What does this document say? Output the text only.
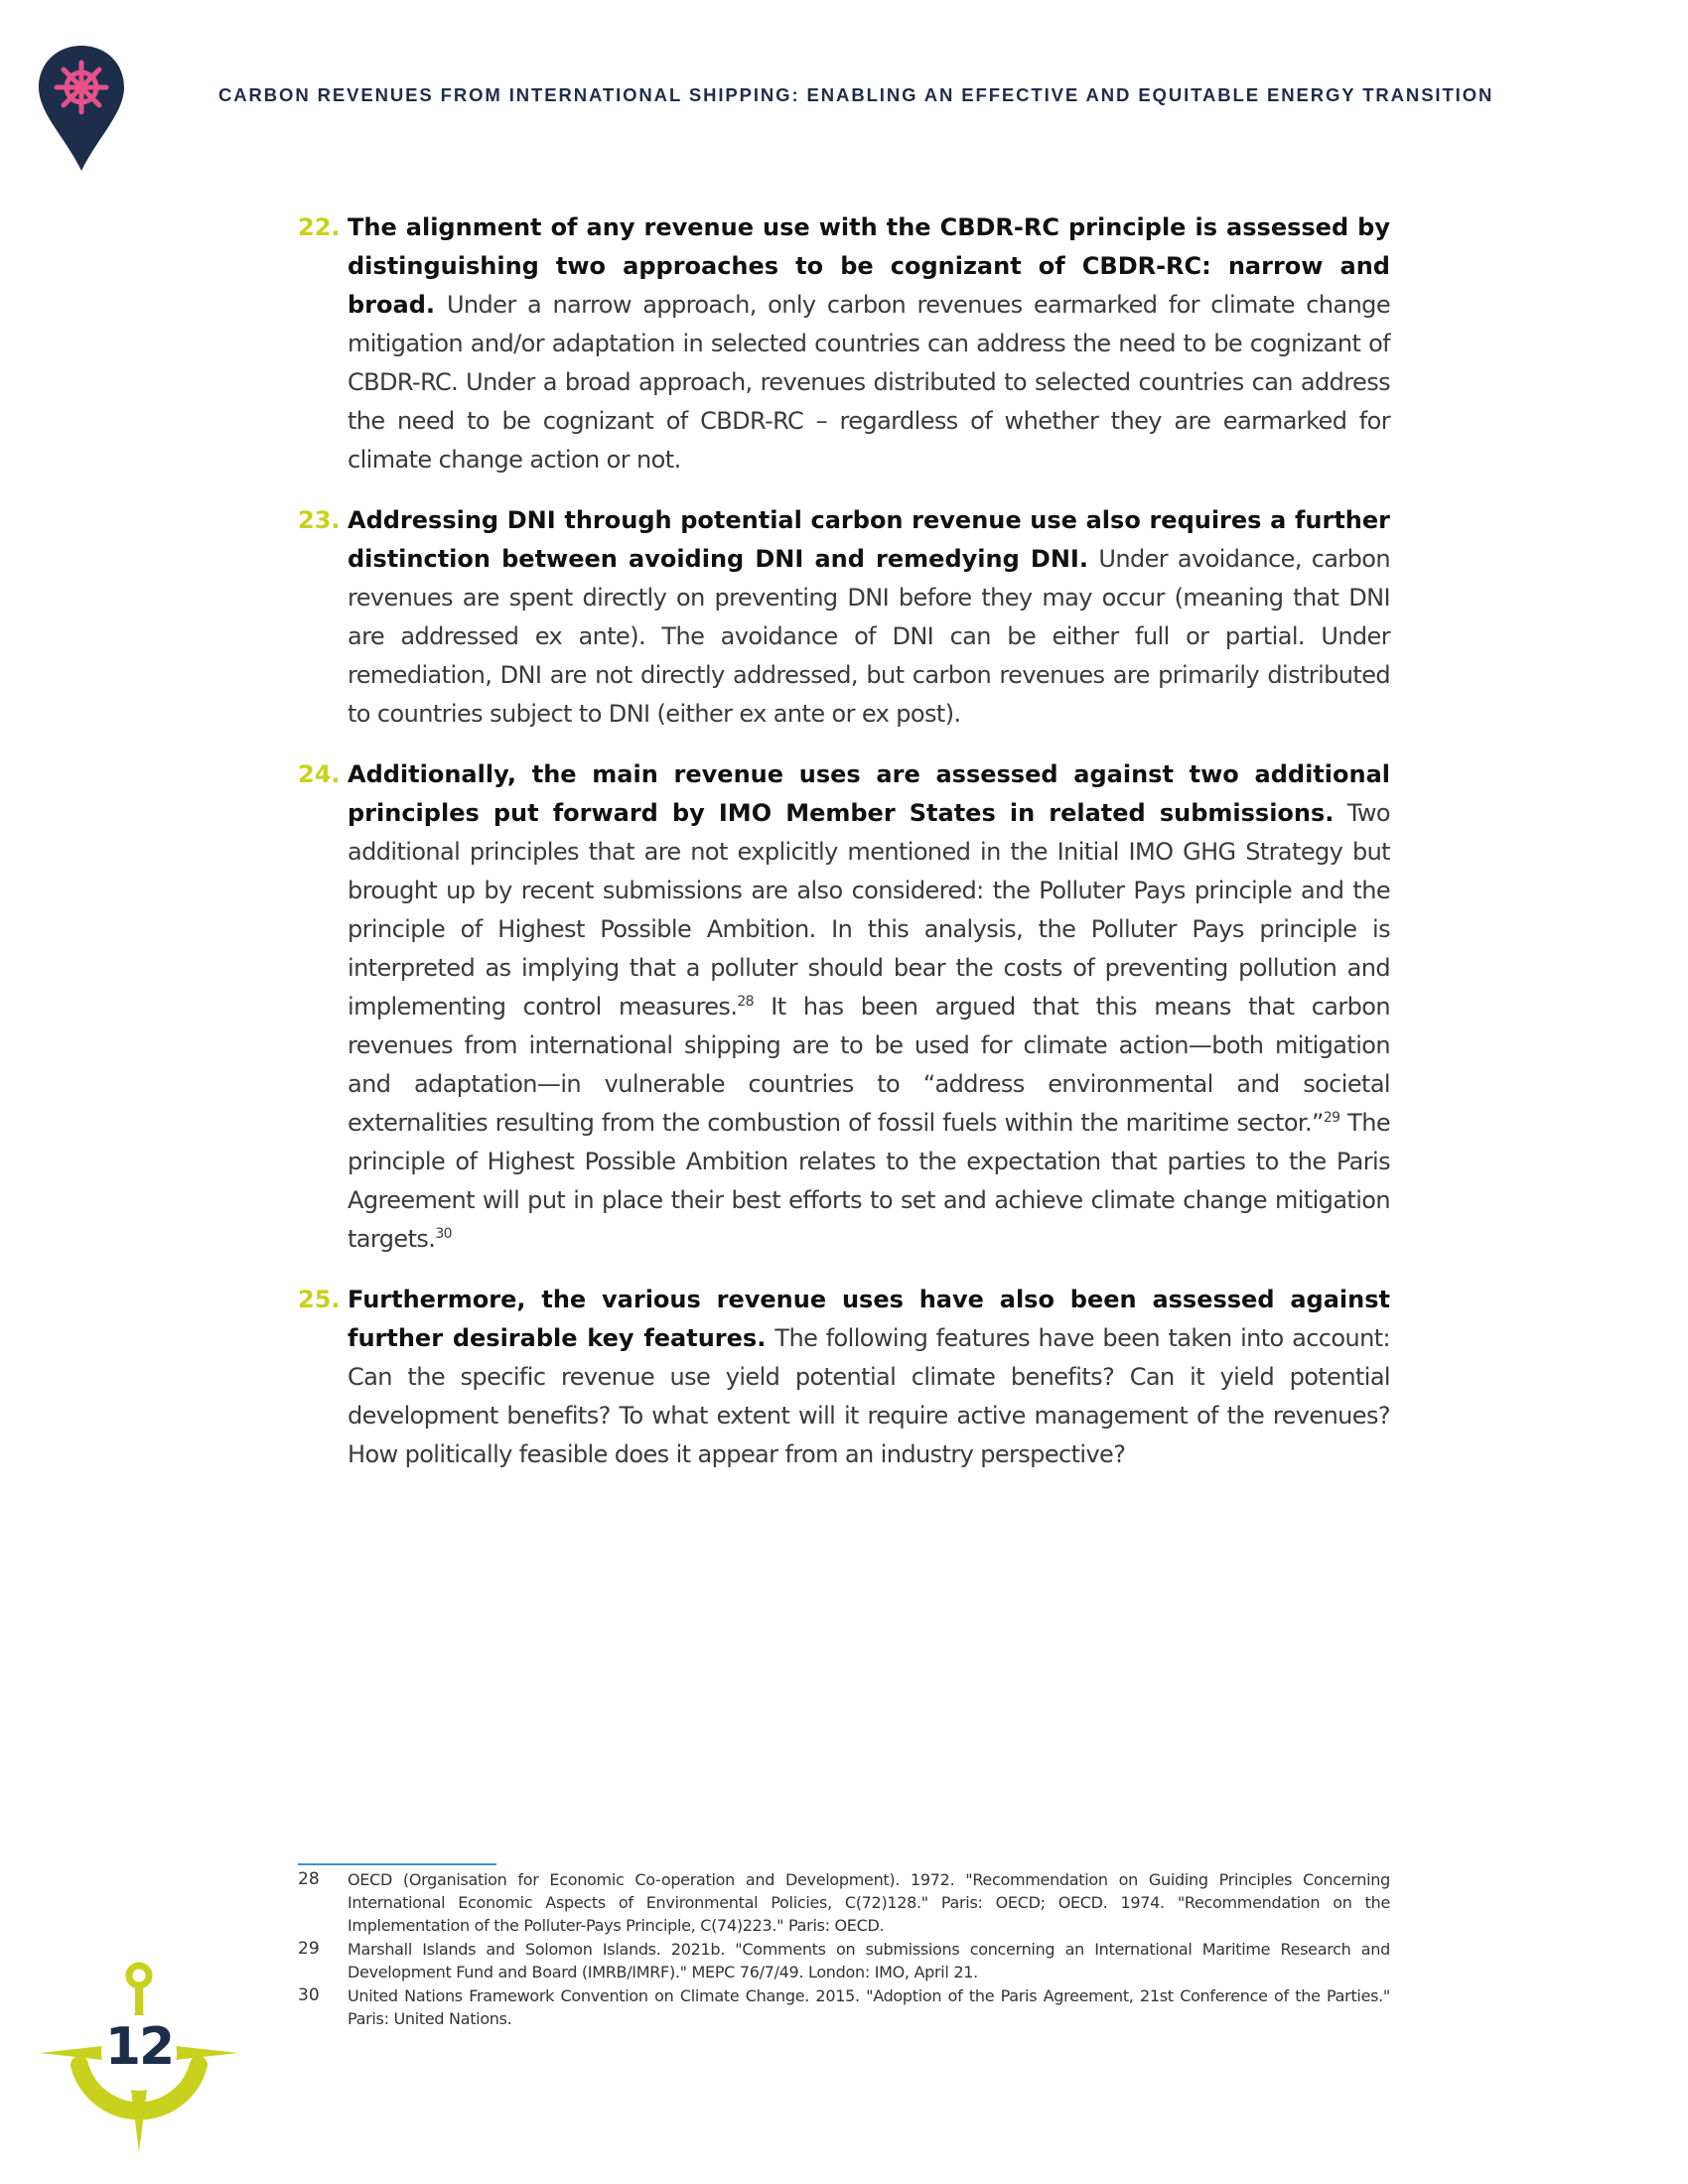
CARBON REVENUES FROM INTERNATIONAL SHIPPING: ENABLING AN EFFECTIVE AND EQUITABLE ENERGY TRANSITION
22. The alignment of any revenue use with the CBDR-RC principle is assessed by distinguishing two approaches to be cognizant of CBDR-RC: narrow and broad. Under a narrow approach, only carbon revenues earmarked for climate change mitigation and/or adaptation in selected countries can address the need to be cognizant of CBDR-RC. Under a broad approach, revenues distributed to selected countries can address the need to be cognizant of CBDR-RC – regardless of whether they are earmarked for climate change action or not.
23. Addressing DNI through potential carbon revenue use also requires a further distinction between avoiding DNI and remedying DNI. Under avoidance, carbon revenues are spent directly on preventing DNI before they may occur (meaning that DNI are addressed ex ante). The avoidance of DNI can be either full or partial. Under remediation, DNI are not directly addressed, but carbon revenues are primarily distributed to countries subject to DNI (either ex ante or ex post).
24. Additionally, the main revenue uses are assessed against two additional principles put forward by IMO Member States in related submissions. Two additional principles that are not explicitly mentioned in the Initial IMO GHG Strategy but brought up by recent submissions are also considered: the Polluter Pays principle and the principle of Highest Possible Ambition. In this analysis, the Polluter Pays principle is interpreted as implying that a polluter should bear the costs of preventing pollution and implementing control measures.$^{28}$ It has been argued that this means that carbon revenues from international shipping are to be used for climate action—both mitigation and adaptation—in vulnerable countries to “address environmental and societal externalities resulting from the combustion of fossil fuels within the maritime sector.”$^{29}$ The principle of Highest Possible Ambition relates to the expectation that parties to the Paris Agreement will put in place their best efforts to set and achieve climate change mitigation targets.$^{30}$
25. Furthermore, the various revenue uses have also been assessed against further desirable key features. The following features have been taken into account: Can the specific revenue use yield potential climate benefits? Can it yield potential development benefits? To what extent will it require active management of the revenues? How politically feasible does it appear from an industry perspective?
28 OECD (Organisation for Economic Co-operation and Development). 1972. "Recommendation on Guiding Principles Concerning International Economic Aspects of Environmental Policies, C(72)128." Paris: OECD; OECD. 1974. "Recommendation on the Implementation of the Polluter-Pays Principle, C(74)223." Paris: OECD.
29 Marshall Islands and Solomon Islands. 2021b. "Comments on submissions concerning an International Maritime Research and Development Fund and Board (IMRB/IMRF)." MEPC 76/7/49. London: IMO, April 21.
30 United Nations Framework Convention on Climate Change. 2015. "Adoption of the Paris Agreement, 21st Conference of the Parties." Paris: United Nations.
12
